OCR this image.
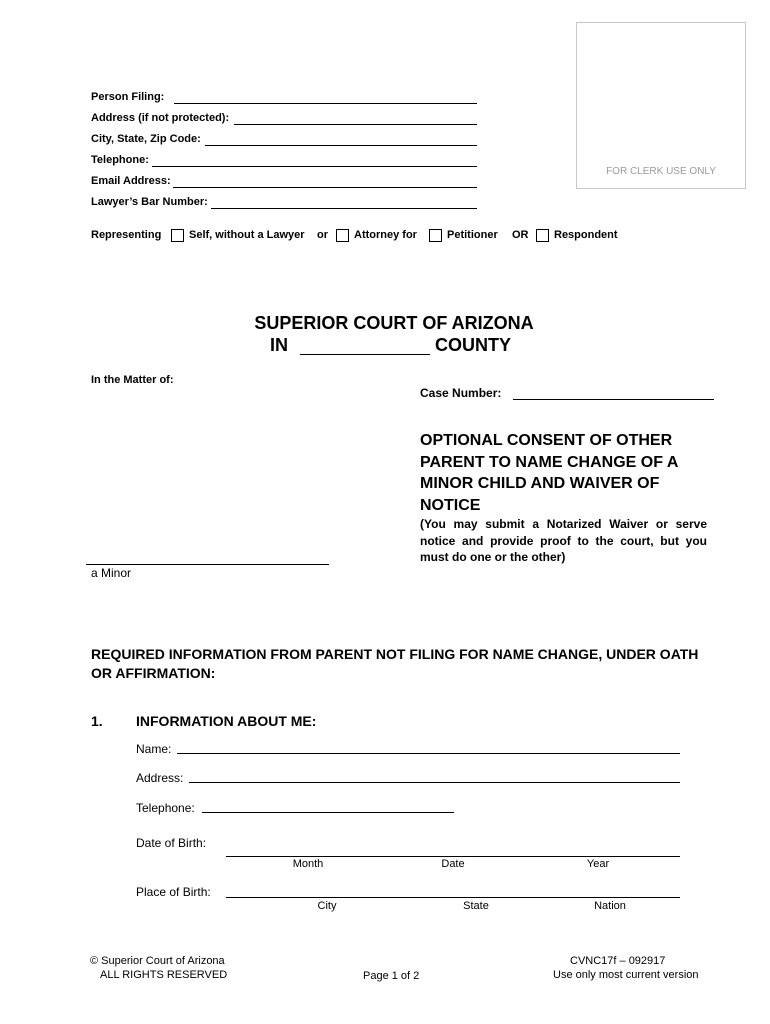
FOR CLERK USE ONLY
Person Filing:
Address (if not protected):
City, State, Zip Code:
Telephone:
Email Address:
Lawyer’s Bar Number:
Representing	Self, without a Lawyer or Attorney for	Petitioner OR Respondent
SUPERIOR COURT OF ARIZONA
IN	COUNTY
In the Matter of:
a Minor
Case Number:
OPTIONAL CONSENT OF OTHER PARENT TO NAME CHANGE OF A MINOR CHILD AND WAIVER OF NOTICE
(You may submit a Notarized Waiver or serve notice and provide proof to the court, but you must do one or the other)
REQUIRED INFORMATION FROM PARENT NOT FILING FOR NAME CHANGE, UNDER OATH OR AFFIRMATION:
1. INFORMATION ABOUT ME:
Name:
Address:
Telephone:
Date of Birth:
Month	Date	Year
Place of Birth:
City	State	Nation
© Superior Court of Arizona
ALL RIGHTS RESERVED	Page 1 of 2
CVNC17f – 092917
Use only most current version
